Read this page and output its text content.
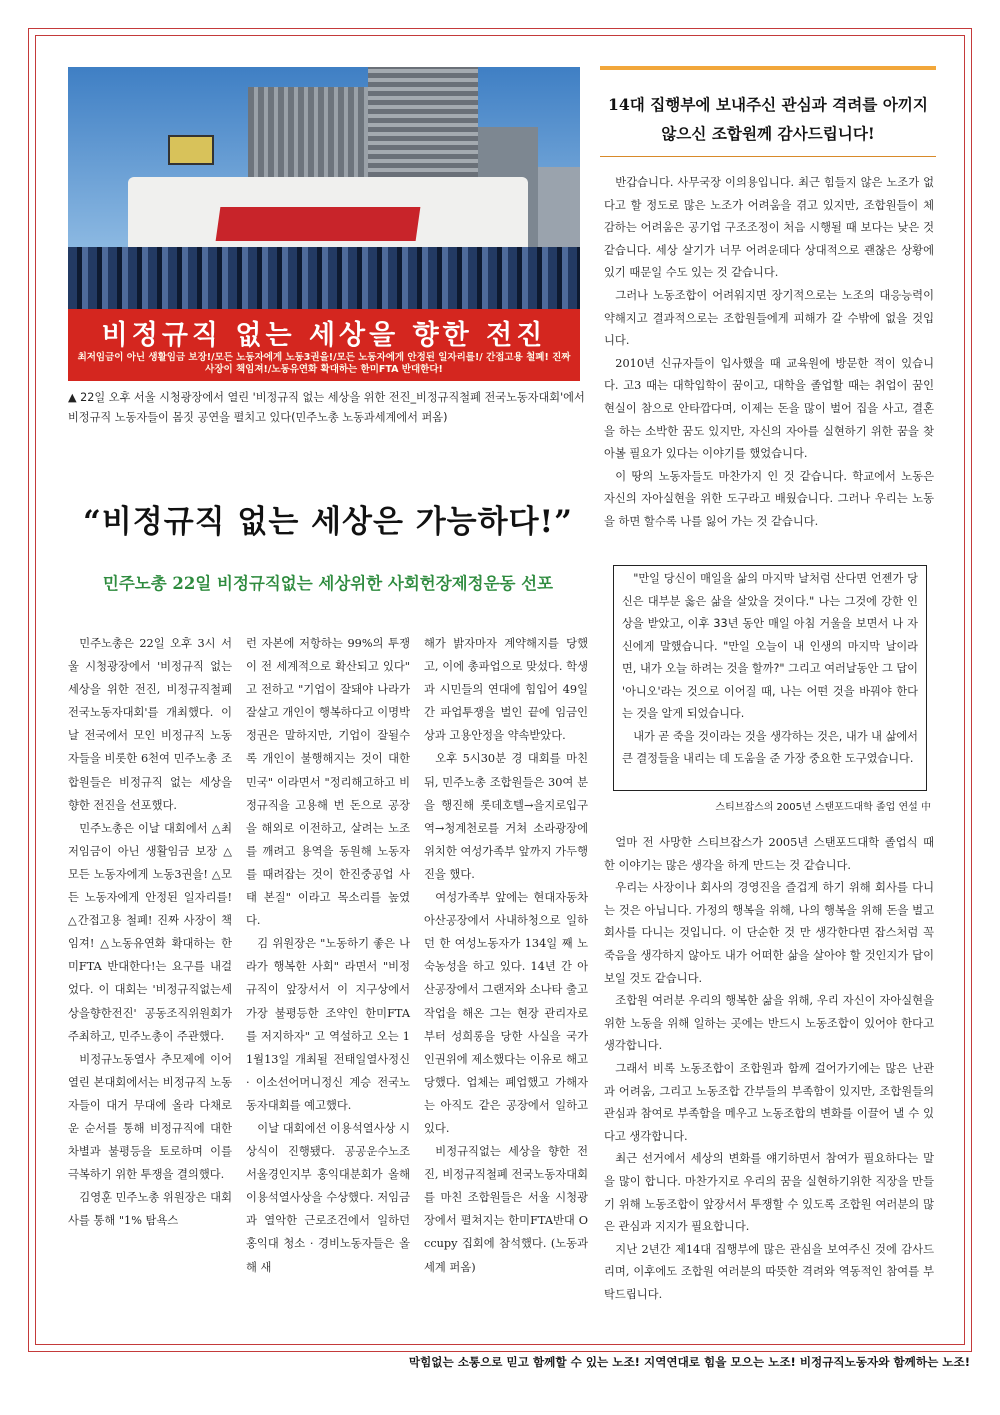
비정규직 없는 세상을 향한 전진
최저임금이 아닌 생활임금 보장!/모든 노동자에게 노동3권을!/모든 노동자에게 안정된 일자리를!/ 간접고용 철폐! 진짜 사장이 책임져!/노동유연화 확대하는 한미FTA 반대한다!
▲ 22일 오후 서울 시청광장에서 열린 '비정규직 없는 세상을 위한 전진_비정규직철폐 전국노동자대회'에서 비정규직 노동자들이 몸짓 공연을 펼치고 있다(민주노총 노동과세계에서 퍼옴)
“비정규직 없는 세상은 가능하다!”
민주노총 22일 비정규직없는 세상위한 사회헌장제정운동 선포

민주노총은 22일 오후 3시 서울 시청광장에서 '비정규직 없는 세상을 위한 전진, 비정규직철폐 전국노동자대회'를 개최했다. 이날 전국에서 모인 비정규직 노동자들을 비롯한 6천여 민주노총 조합원들은 비정규직 없는 세상을 향한 전진을 선포했다.

민주노총은 이날 대회에서 △최저임금이 아닌 생활임금 보장 △모든 노동자에게 노동3권을! △모든 노동자에게 안정된 일자리를! △간접고용 철폐! 진짜 사장이 책임져! △노동유연화 확대하는 한미FTA 반대한다!는 요구를 내걸었다. 이 대회는 '비정규직없는세상을향한전진' 공동조직위원회가 주최하고, 민주노총이 주관했다.

비정규노동열사 추모제에 이어 열린 본대회에서는 비정규직 노동자들이 대거 무대에 올라 다채로운 순서를 통해 비정규직에 대한 차별과 불평등을 토로하며 이를 극복하기 위한 투쟁을 결의했다.

김영훈 민주노총 위원장은 대회사를 통해 "1% 탐욕스

런 자본에 저항하는 99%의 투쟁이 전 세계적으로 확산되고 있다" 고 전하고 "기업이 잘돼야 나라가 잘살고 개인이 행복하다고 이명박정권은 말하지만, 기업이 잘될수록 개인이 불행해지는 것이 대한민국" 이라면서 "정리해고하고 비정규직을 고용해 번 돈으로 공장을 해외로 이전하고, 살려는 노조를 깨려고 용역을 동원해 노동자를 때려잡는 것이 한진중공업 사태 본질" 이라고 목소리를 높였다.

김 위원장은 "노동하기 좋은 나라가 행복한 사회" 라면서 "비정규직이 앞장서서 이 지구상에서 가장 불평등한 조약인 한미FTA를 저지하자" 고 역설하고 오는 11월13일 개최될 전태일열사정신 · 이소선어머니정신 계승 전국노동자대회를 예고했다.

이날 대회에선 이용석열사상 시상식이 진행됐다. 공공운수노조 서울경인지부 홍익대분회가 올해 이용석열사상을 수상했다. 저임금과 열악한 근로조건에서 일하던 홍익대 청소 · 경비노동자들은 올해 새

해가 밝자마자 계약해지를 당했고, 이에 총파업으로 맞섰다. 학생과 시민들의 연대에 힘입어 49일 간 파업투쟁을 벌인 끝에 임금인상과 고용안정을 약속받았다.

오후 5시30분 경 대회를 마친 뒤, 민주노총 조합원들은 30여 분을 행진해 롯데호텔→을지로입구역→청계천로를 거쳐 소라광장에 위치한 여성가족부 앞까지 가두행진을 했다.

여성가족부 앞에는 현대자동차 아산공장에서 사내하청으로 일하던 한 여성노동자가 134일 째 노숙농성을 하고 있다. 14년 간 아산공장에서 그랜저와 소나타 출고작업을 해온 그는 현장 관리자로부터 성희롱을 당한 사실을 국가인권위에 제소했다는 이유로 해고당했다. 업체는 폐업했고 가해자는 아직도 같은 공장에서 일하고 있다.

비정규직없는 세상을 향한 전진, 비정규직철폐 전국노동자대회를 마친 조합원들은 서울 시청광장에서 펼쳐지는 한미FTA반대 Occupy 집회에 참석했다. (노동과세계 퍼옴)

14대 집행부에 보내주신 관심과 격려를 아끼지 않으신 조합원께 감사드립니다!

반갑습니다. 사무국장 이의용입니다. 최근 힘들지 않은 노조가 없다고 할 정도로 많은 노조가 어려움을 겪고 있지만, 조합원들이 체감하는 어려움은 공기업 구조조정이 처음 시행될 때 보다는 낮은 것 같습니다. 세상 살기가 너무 어려운데다 상대적으로 괜찮은 상황에 있기 때문일 수도 있는 것 같습니다.

그러나 노동조합이 어려워지면 장기적으로는 노조의 대응능력이 약해지고 결과적으로는 조합원들에게 피해가 갈 수밖에 없을 것입니다.

2010년 신규자들이 입사했을 때 교육원에 방문한 적이 있습니다. 고3 때는 대학입학이 꿈이고, 대학을 졸업할 때는 취업이 꿈인 현실이 참으로 안타깝다며, 이제는 돈을 많이 벌어 집을 사고, 결혼을 하는 소박한 꿈도 있지만, 자신의 자아를 실현하기 위한 꿈을 찾아볼 필요가 있다는 이야기를 했었습니다.

이 땅의 노동자들도 마찬가지 인 것 같습니다. 학교에서 노동은 자신의 자아실현을 위한 도구라고 배웠습니다. 그러나 우리는 노동을 하면 할수록 나를 잃어 가는 것 같습니다.

"만일 당신이 매일을 삶의 마지막 날처럼 산다면 언젠가 당신은 대부분 옳은 삶을 살았을 것이다." 나는 그것에 강한 인상을 받았고, 이후 33년 동안 매일 아침 거울을 보면서 나 자신에게 말했습니다. "만일 오늘이 내 인생의 마지막 날이라면, 내가 오늘 하려는 것을 할까?" 그리고 여러날동안 그 답이 '아니오'라는 것으로 이어질 때, 나는 어떤 것을 바꿔야 한다는 것을 알게 되었습니다.

내가 곧 죽을 것이라는 것을 생각하는 것은, 내가 내 삶에서 큰 결정들을 내리는 데 도움을 준 가장 중요한 도구였습니다.

스티브잡스의 2005년 스탠포드대학 졸업 연설 中

얼마 전 사망한 스티브잡스가 2005년 스탠포드대학 졸업식 때 한 이야기는 많은 생각을 하게 만드는 것 같습니다.

우리는 사장이나 회사의 경영진을 즐겁게 하기 위해 회사를 다니는 것은 아닙니다. 가정의 행복을 위해, 나의 행복을 위해 돈을 벌고 회사를 다니는 것입니다. 이 단순한 것 만 생각한다면 잡스처럼 꼭 죽음을 생각하지 않아도 내가 어떠한 삶을 살아야 할 것인지가 답이 보일 것도 같습니다.

조합원 여러분 우리의 행복한 삶을 위해, 우리 자신이 자아실현을 위한 노동을 위해 일하는 곳에는 반드시 노동조합이 있어야 한다고 생각합니다.

그래서 비록 노동조합이 조합원과 함께 걸어가기에는 많은 난관과 어려움, 그리고 노동조합 간부들의 부족함이 있지만, 조합원들의 관심과 참여로 부족함을 메우고 노동조합의 변화를 이끌어 낼 수 있다고 생각합니다.

최근 선거에서 세상의 변화를 얘기하면서 참여가 필요하다는 말을 많이 합니다. 마찬가지로 우리의 꿈을 실현하기위한 직장을 만들기 위해 노동조합이 앞장서서 투쟁할 수 있도록 조합원 여러분의 많은 관심과 지지가 필요합니다.

지난 2년간 제14대 집행부에 많은 관심을 보여주신 것에 감사드리며, 이후에도 조합원 여러분의 따뜻한 격려와 역동적인 참여를 부탁드립니다.

막힘없는 소통으로 믿고 함께할 수 있는 노조! 지역연대로 힘을 모으는 노조! 비정규직노동자와 함께하는 노조!
